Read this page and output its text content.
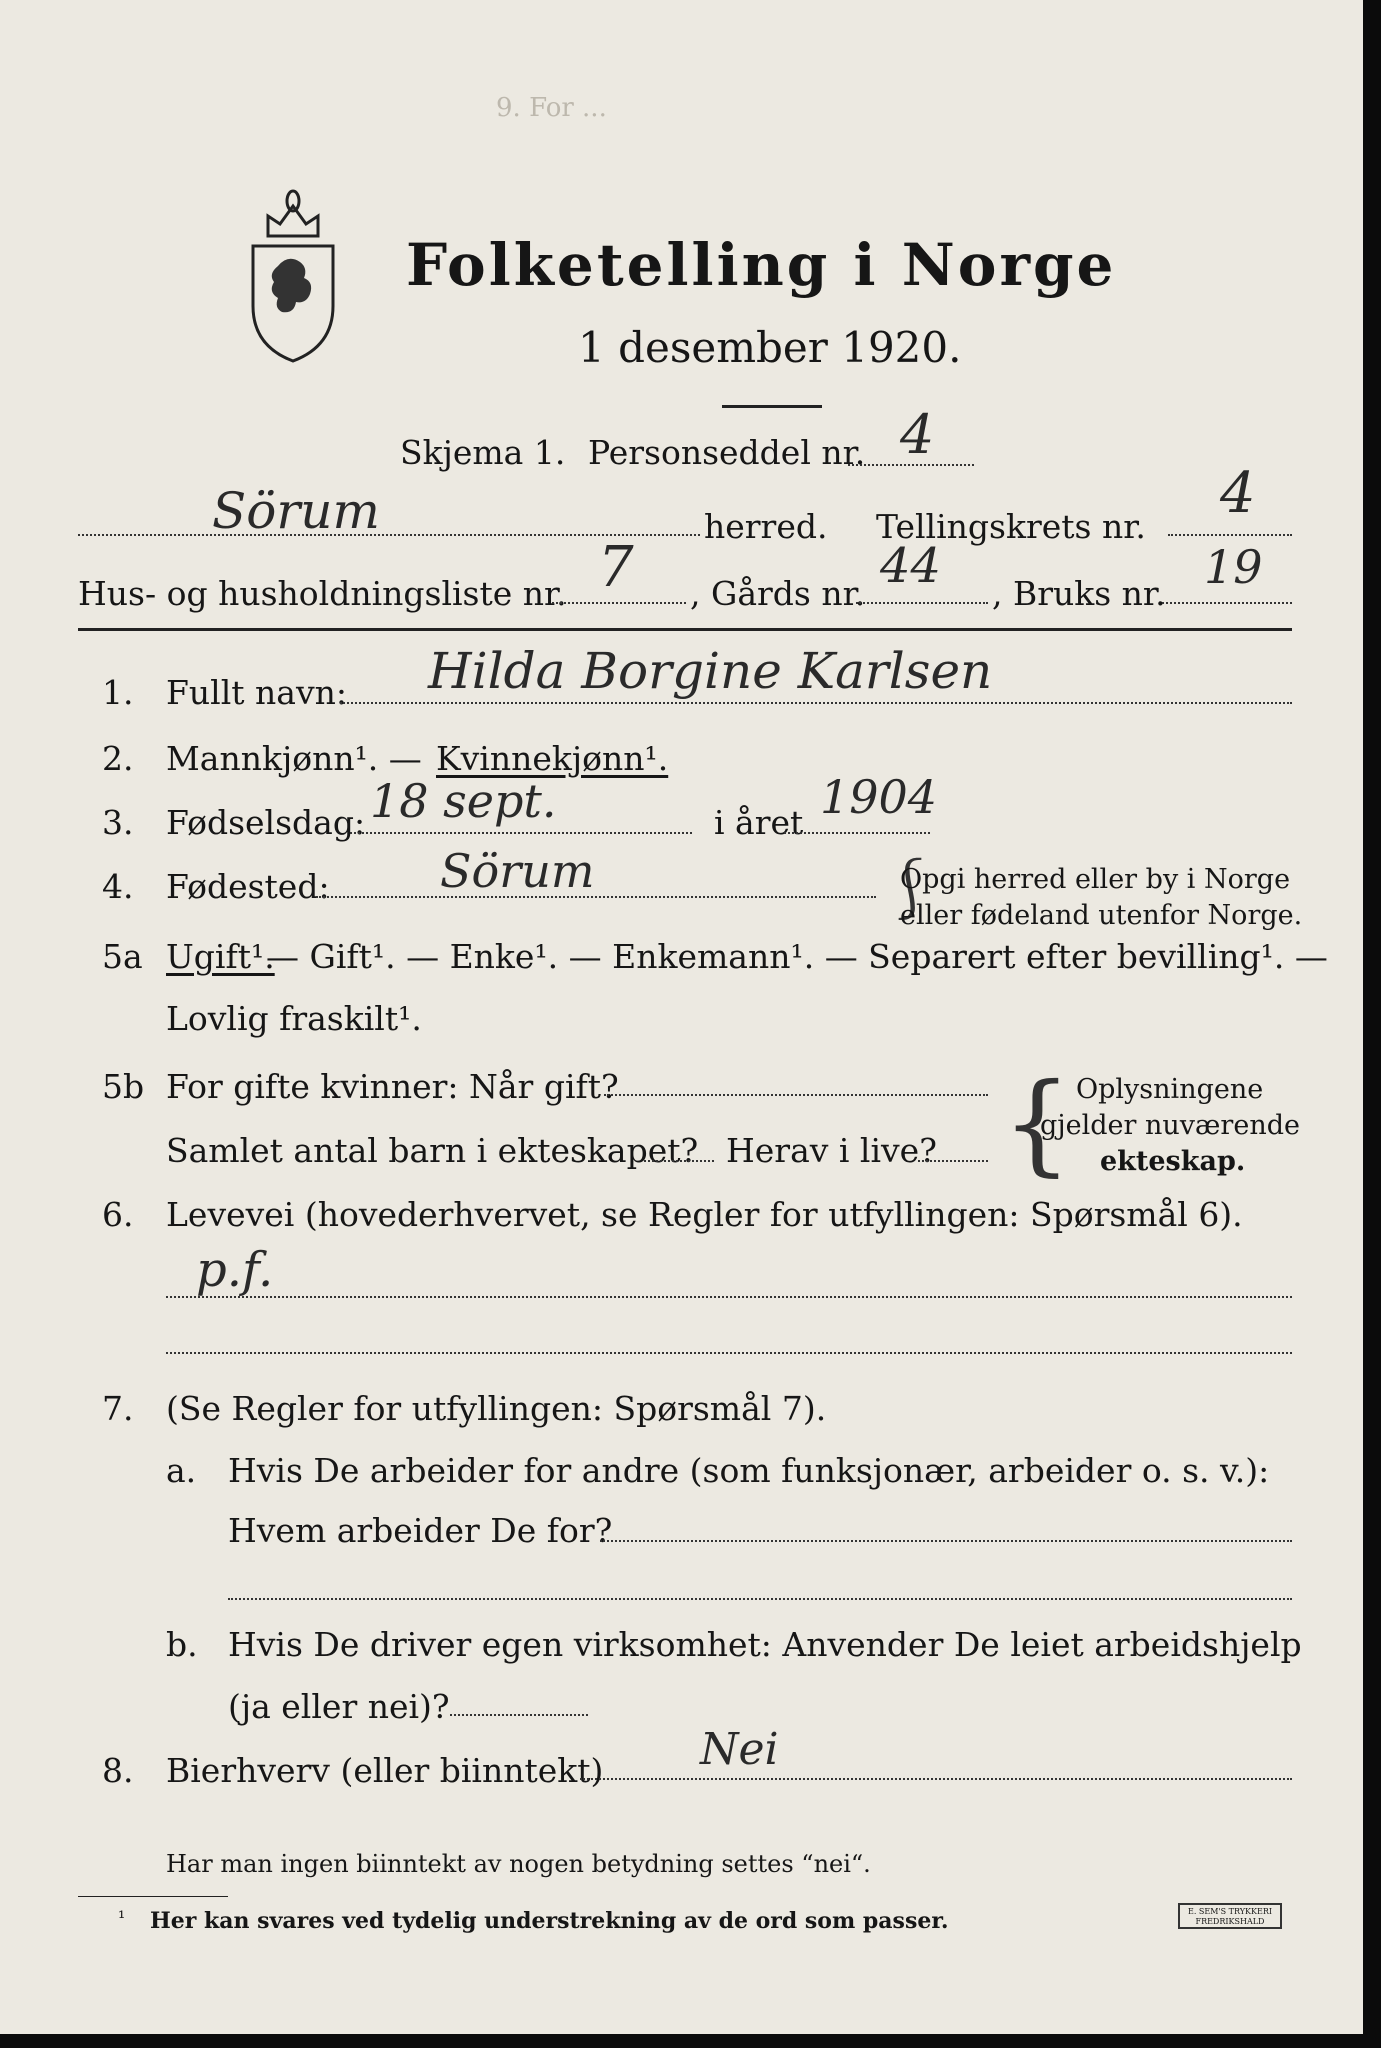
9. For ...
Folketelling i Norge
1 desember 1920.
Skjema 1. Personseddel nr. 4
Sörum	herred. Tellingskrets nr.
4
Hus- og husholdningsliste nr. 7 , Gårds nr. 44 , Bruks nr. 19
1. Fullt navn: Hilda Borgine Karlsen
2. Mannkjønn¹. — Kvinnekjønn¹.
3. Fødselsdag: 18 sept.	i året 1904
4. Fødested: Sörum	⎰
Opgi herred eller by i Norge
eller fødeland utenfor Norge.
5a Ugift¹.
— Gift¹. — Enke¹. — Enkemann¹. — Separert efter bevilling¹. —
Lovlig fraskilt¹.
5b For gifte kvinner: Når gift?
Samlet antal barn i ekteskapet? Herav i live? { Oplysningene
gjelder nuværende
ekteskap.
6. Levevei (hovederhvervet, se Regler for utfyllingen: Spørsmål 6).
p.f.
7. (Se Regler for utfyllingen: Spørsmål 7).
a. Hvis De arbeider for andre (som funksjonær, arbeider o. s. v.):
Hvem arbeider De for?
b. Hvis De driver egen virksomhet: Anvender De leiet arbeidshjelp
(ja eller nei)?
8. Bierhverv (eller biinntekt) Nei
Har man ingen biinntekt av nogen betydning settes “nei“.
¹ Her kan svares ved tydelig understrekning av de ord som passer.	E. SEM'S TRYKKERI FREDRIKSHALD
